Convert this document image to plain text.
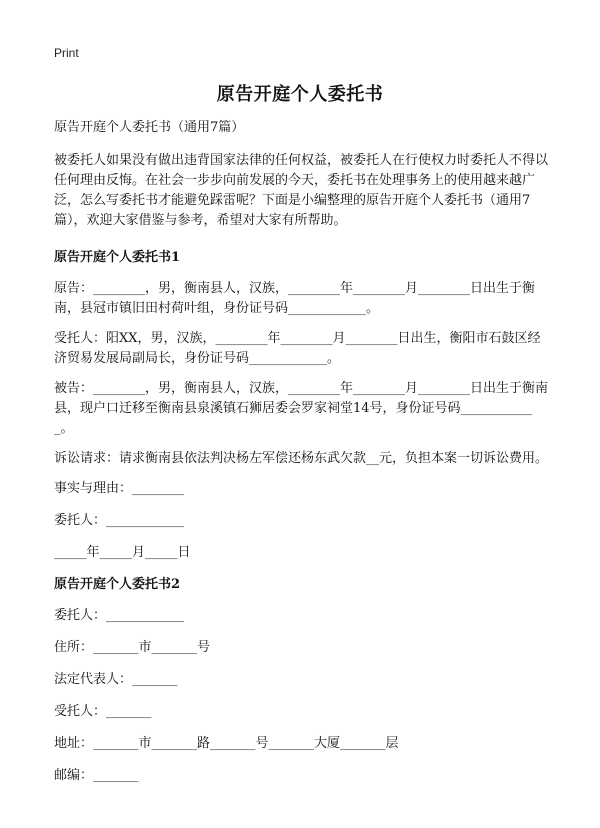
Print
原告开庭个人委托书

原告开庭个人委托书（通用7篇）

被委托人如果没有做出违背国家法律的任何权益，被委托人在行使权力时委托人不得以任何理由反悔。在社会一步步向前发展的今天，委托书在处理事务上的使用越来越广泛，怎么写委托书才能避免踩雷呢？下面是小编整理的原告开庭个人委托书（通用7篇），欢迎大家借鉴与参考，希望对大家有所帮助。

原告开庭个人委托书1

原告：________，男，衡南县人，汉族，________年________月________日出生于衡南，县冠市镇旧田村荷叶组，身份证号码____________。

受托人：阳XX，男，汉族，________年________月________日出生，衡阳市石鼓区经济贸易发展局副局长，身份证号码____________。

被告：________，男，衡南县人，汉族，________年________月________日出生于衡南县，现户口迁移至衡南县泉溪镇石狮居委会罗家祠堂14号，身份证号码____________。

诉讼请求：请求衡南县依法判决杨左军偿还杨东武欠款__元，负担本案一切诉讼费用。

事实与理由：________

委托人：____________

_____年_____月_____日

原告开庭个人委托书2

委托人：____________

住所：_______市_______号

法定代表人：_______

受托人：_______

地址：_______市_______路_______号_______大厦_______层

邮编：_______
